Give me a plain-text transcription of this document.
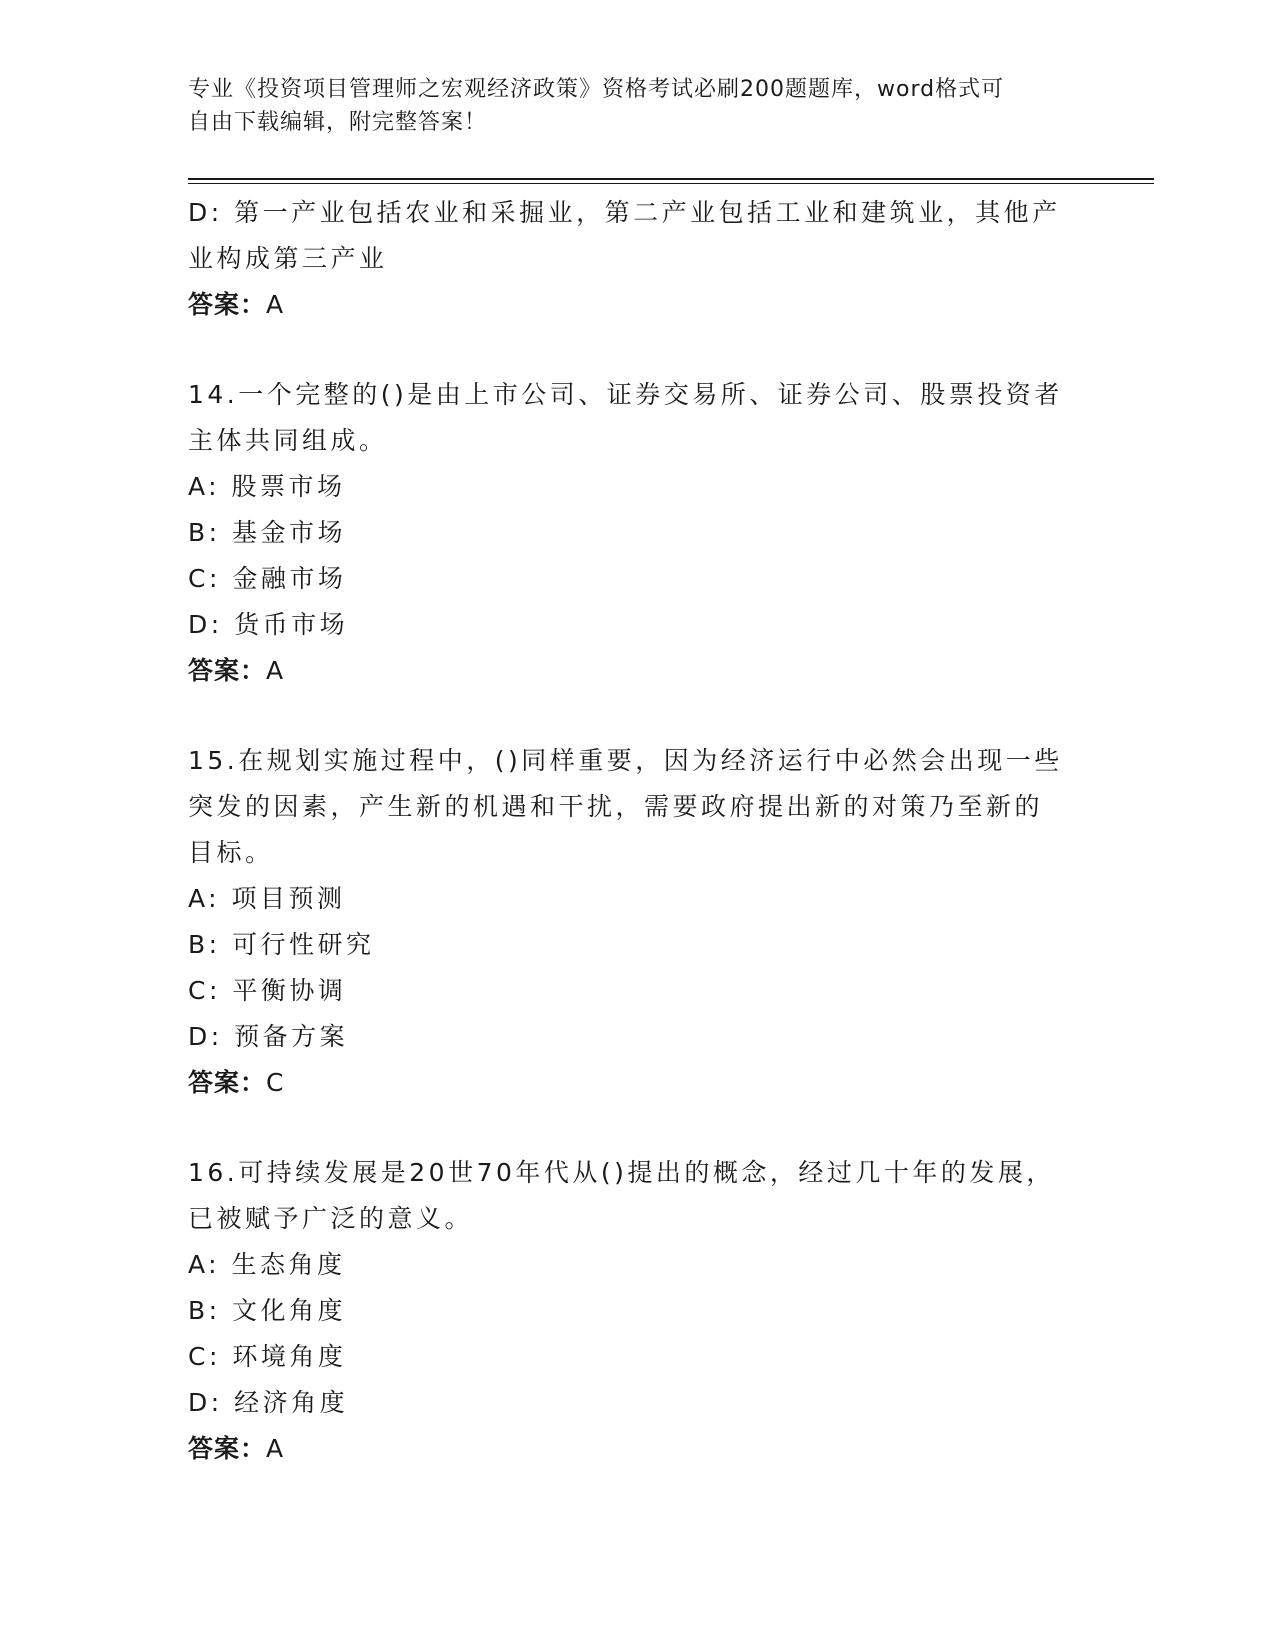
专业《投资项目管理师之宏观经济政策》资格考试必刷200题题库，word格式可
自由下载编辑，附完整答案！
D: 第一产业包括农业和采掘业，第二产业包括工业和建筑业，其他产
业构成第三产业
答案：A
14.一个完整的()是由上市公司、证券交易所、证券公司、股票投资者
主体共同组成。
A: 股票市场
B: 基金市场
C: 金融市场
D: 货币市场
答案：A
15.在规划实施过程中，()同样重要，因为经济运行中必然会出现一些
突发的因素，产生新的机遇和干扰，需要政府提出新的对策乃至新的
目标。
A: 项目预测
B: 可行性研究
C: 平衡协调
D: 预备方案
答案：C
16.可持续发展是20世70年代从()提出的概念，经过几十年的发展，
已被赋予广泛的意义。
A: 生态角度
B: 文化角度
C: 环境角度
D: 经济角度
答案：A
